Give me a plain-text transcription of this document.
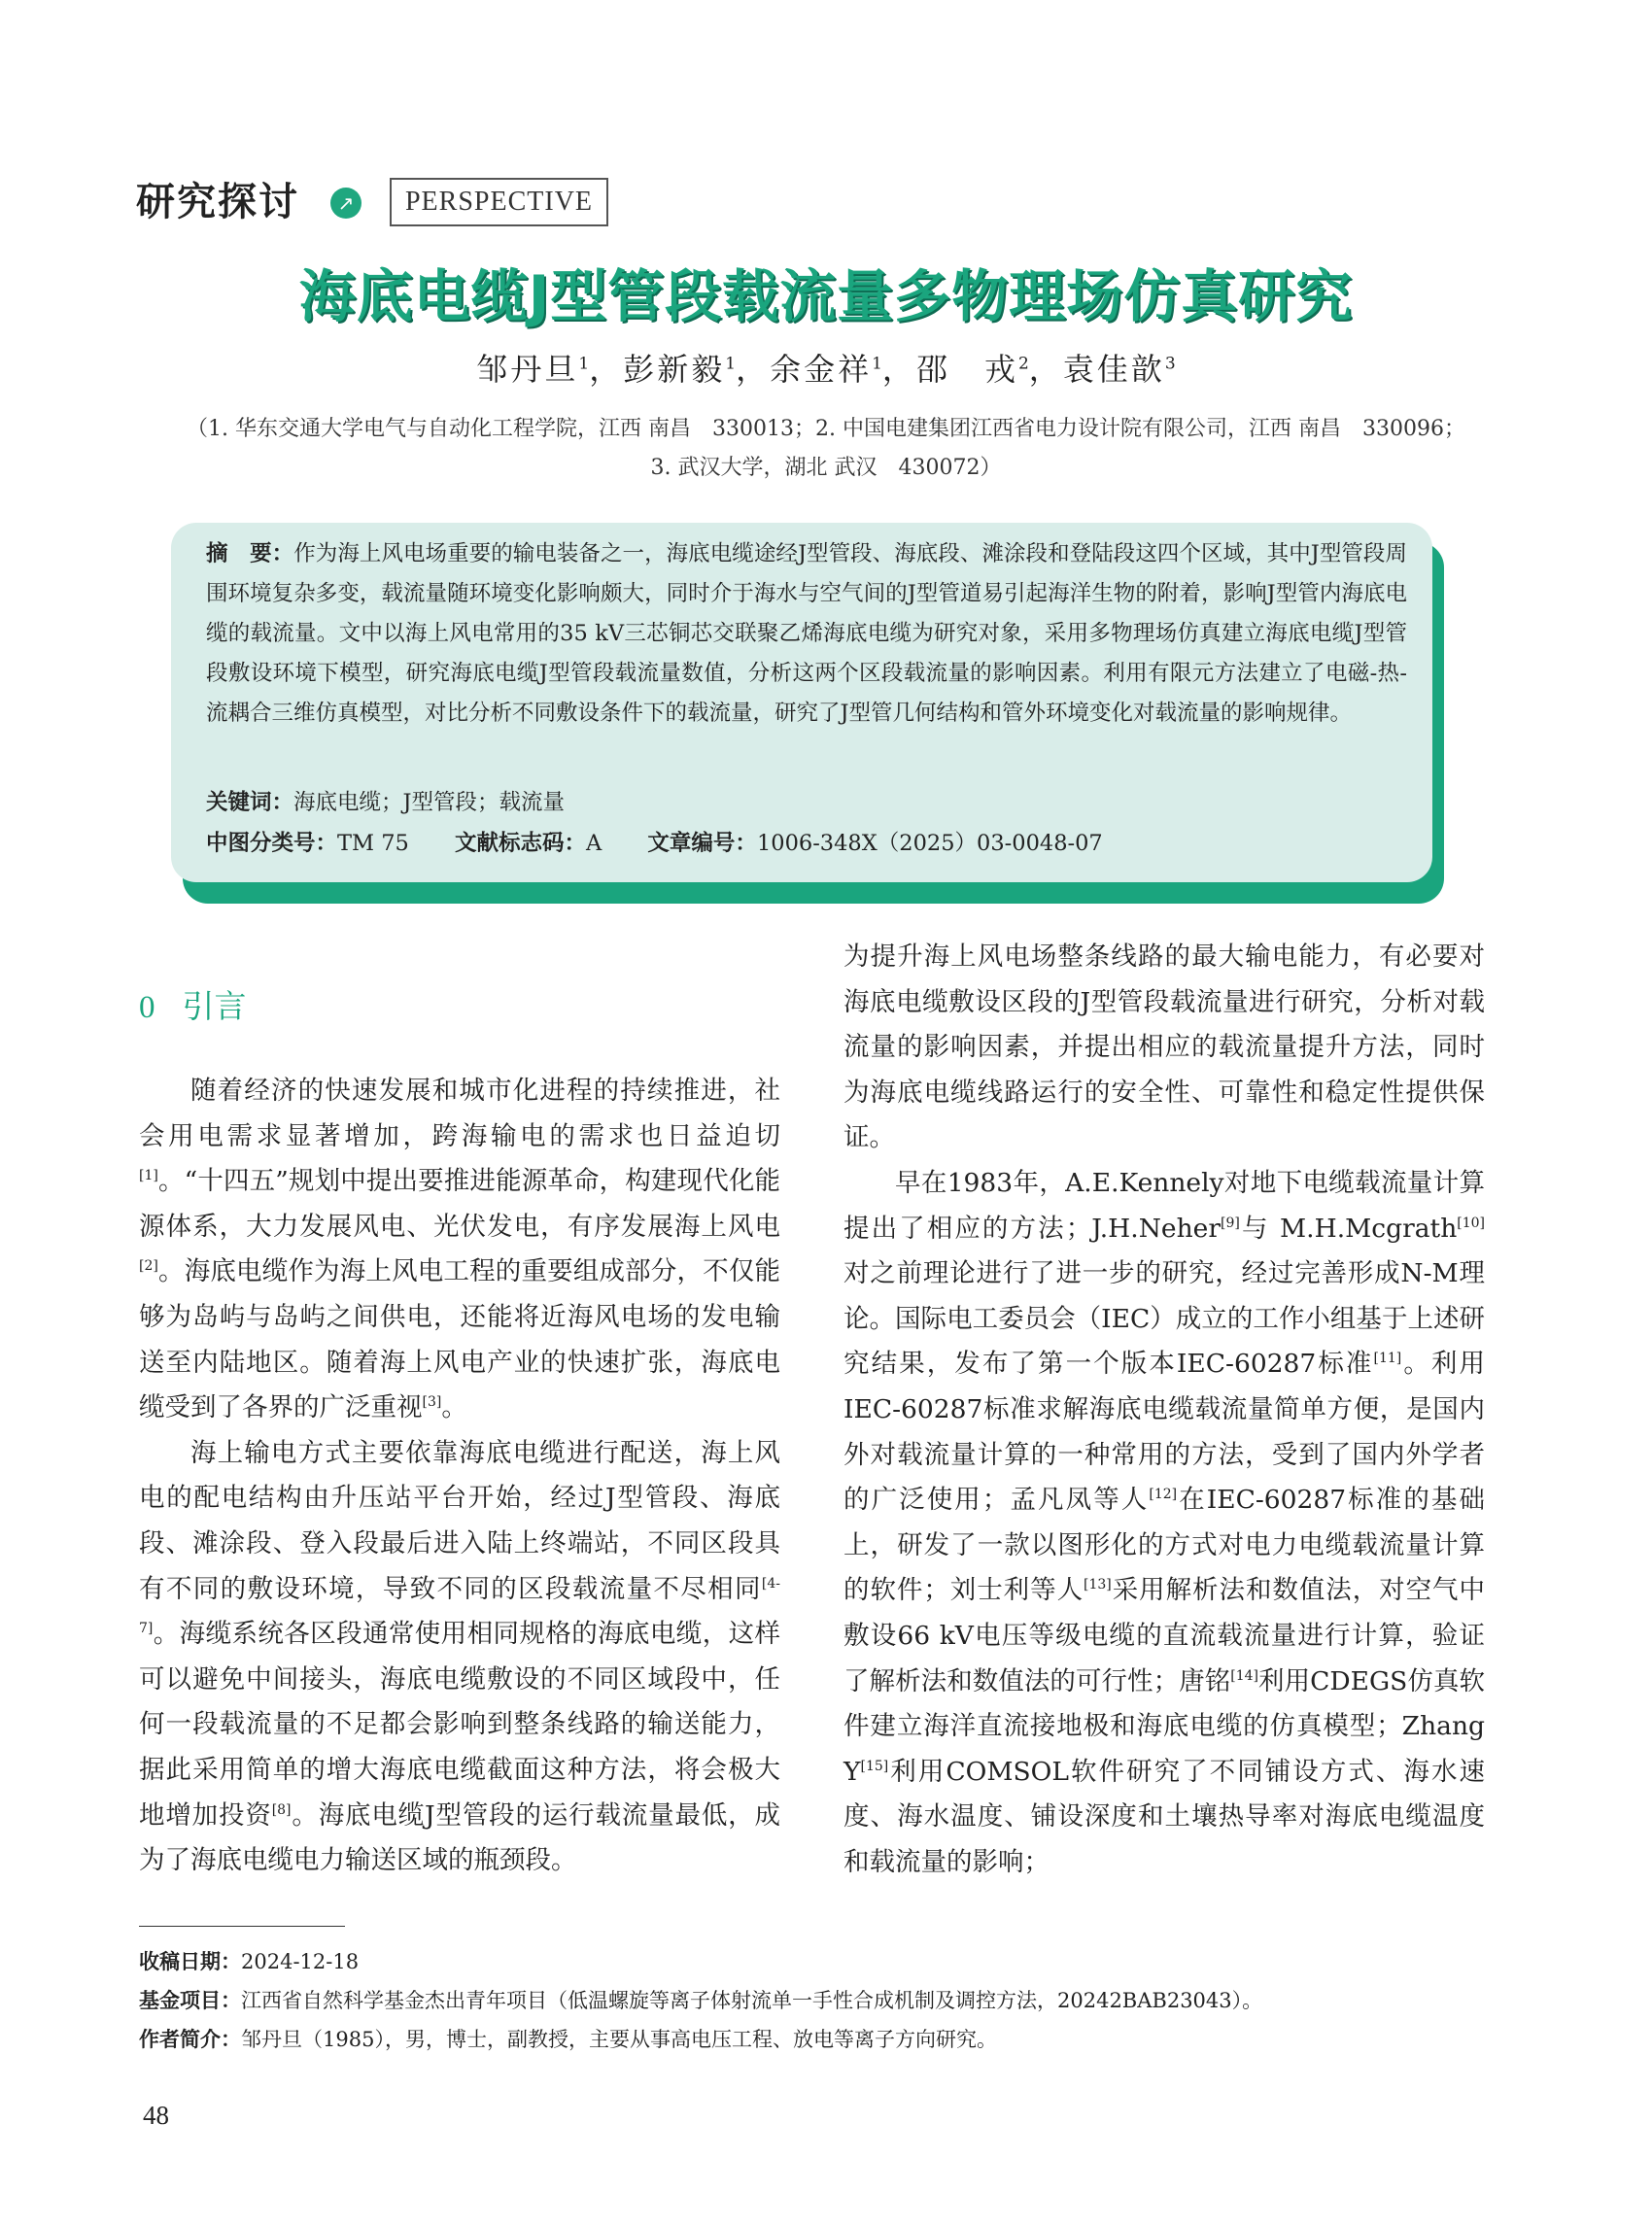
研究探讨	↗	PERSPECTIVE
海底电缆J型管段载流量多物理场仿真研究
邹丹旦$^1$，彭新毅$^1$，余金祥$^1$，邵　戎$^2$，袁佳歆$^3$
（1. 华东交通大学电气与自动化工程学院，江西 南昌　330013；2. 中国电建集团江西省电力设计院有限公司，江西 南昌　330096；
3. 武汉大学，湖北 武汉　430072）
摘　要：作为海上风电场重要的输电装备之一，海底电缆途经J型管段、海底段、滩涂段和登陆段这四个区域，其中J型管段周围环境复杂多变，载流量随环境变化影响颇大，同时介于海水与空气间的J型管道易引起海洋生物的附着，影响J型管内海底电缆的载流量。文中以海上风电常用的35 kV三芯铜芯交联聚乙烯海底电缆为研究对象，采用多物理场仿真建立海底电缆J型管段敷设环境下模型，研究海底电缆J型管段载流量数值，分析这两个区段载流量的影响因素。利用有限元方法建立了电磁-热-流耦合三维仿真模型，对比分析不同敷设条件下的载流量，研究了J型管几何结构和管外环境变化对载流量的影响规律。
关键词：海底电缆；J型管段；载流量
中图分类号：TM 75 文献标志码：A 文章编号：1006-348X（2025）03-0048-07
0 引言

随着经济的快速发展和城市化进程的持续推进，社会用电需求显著增加，跨海输电的需求也日益迫切[1]。“十四五”规划中提出要推进能源革命，构建现代化能源体系，大力发展风电、光伏发电，有序发展海上风电[2]。海底电缆作为海上风电工程的重要组成部分，不仅能够为岛屿与岛屿之间供电，还能将近海风电场的发电输送至内陆地区。随着海上风电产业的快速扩张，海底电缆受到了各界的广泛重视[3]。

海上输电方式主要依靠海底电缆进行配送，海上风电的配电结构由升压站平台开始，经过J型管段、海底段、滩涂段、登入段最后进入陆上终端站，不同区段具有不同的敷设环境，导致不同的区段载流量不尽相同[4-7]。海缆系统各区段通常使用相同规格的海底电缆，这样可以避免中间接头，海底电缆敷设的不同区域段中，任何一段载流量的不足都会影响到整条线路的输送能力，据此采用简单的增大海底电缆截面这种方法，将会极大地增加投资[8]。海底电缆J型管段的运行载流量最低，成为了海底电缆电力输送区域的瓶颈段。

为提升海上风电场整条线路的最大输电能力，有必要对海底电缆敷设区段的J型管段载流量进行研究，分析对载流量的影响因素，并提出相应的载流量提升方法，同时为海底电缆线路运行的安全性、可靠性和稳定性提供保证。

早在1983年，A.E.Kennely对地下电缆载流量计算提出了相应的方法；J.H.Neher[9]与 M.H.Mcgrath[10]对之前理论进行了进一步的研究，经过完善形成N-M理论。国际电工委员会（IEC）成立的工作小组基于上述研究结果，发布了第一个版本IEC-60287标准[11]。利用IEC-60287标准求解海底电缆载流量简单方便，是国内外对载流量计算的一种常用的方法，受到了国内外学者的广泛使用；孟凡凤等人[12]在IEC-60287标准的基础上，研发了一款以图形化的方式对电力电缆载流量计算的软件；刘士利等人[13]采用解析法和数值法，对空气中敷设66 kV电压等级电缆的直流载流量进行计算，验证了解析法和数值法的可行性；唐铭[14]利用CDEGS仿真软件建立海洋直流接地极和海底电缆的仿真模型；Zhang Y[15]利用COMSOL软件研究了不同铺设方式、海水速度、海水温度、铺设深度和土壤热导率对海底电缆温度和载流量的影响；

收稿日期：2024-12-18
基金项目：江西省自然科学基金杰出青年项目（低温螺旋等离子体射流单一手性合成机制及调控方法，20242BAB23043）。
作者简介：邹丹旦（1985），男，博士，副教授，主要从事高电压工程、放电等离子方向研究。
48
